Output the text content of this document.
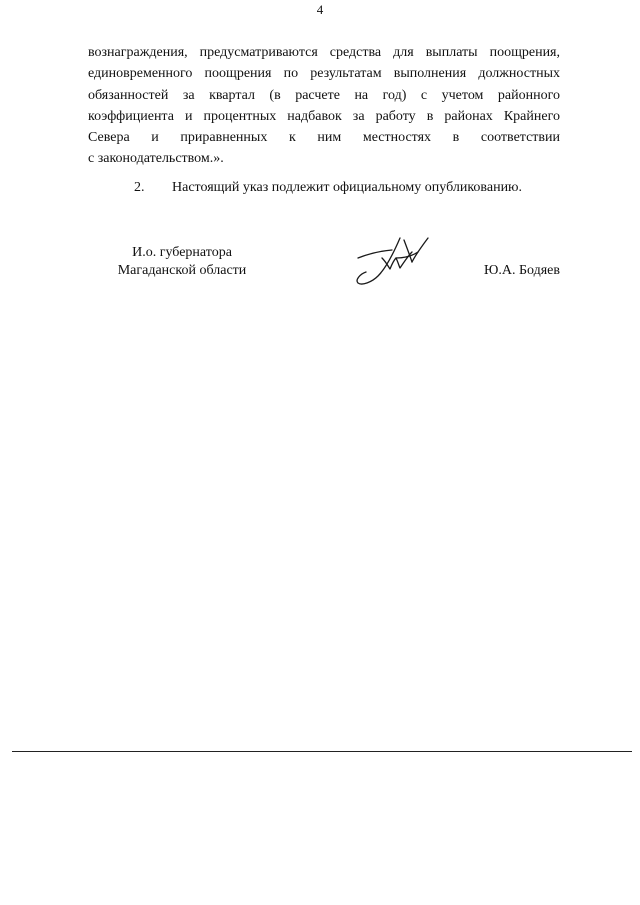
4
вознаграждения, предусматриваются средства для выплаты поощрения,
единовременного поощрения по результатам выполнения должностных
обязанностей за квартал (в расчете на год) с учетом районного
коэффициента и процентных надбавок за работу в районах Крайнего
Севера и приравненных к ним местностях в соответствии
с законодательством.».
2. Настоящий указ подлежит официальному опубликованию.
И.о. губернатора
Магаданской области	Ю.А. Бодяев
